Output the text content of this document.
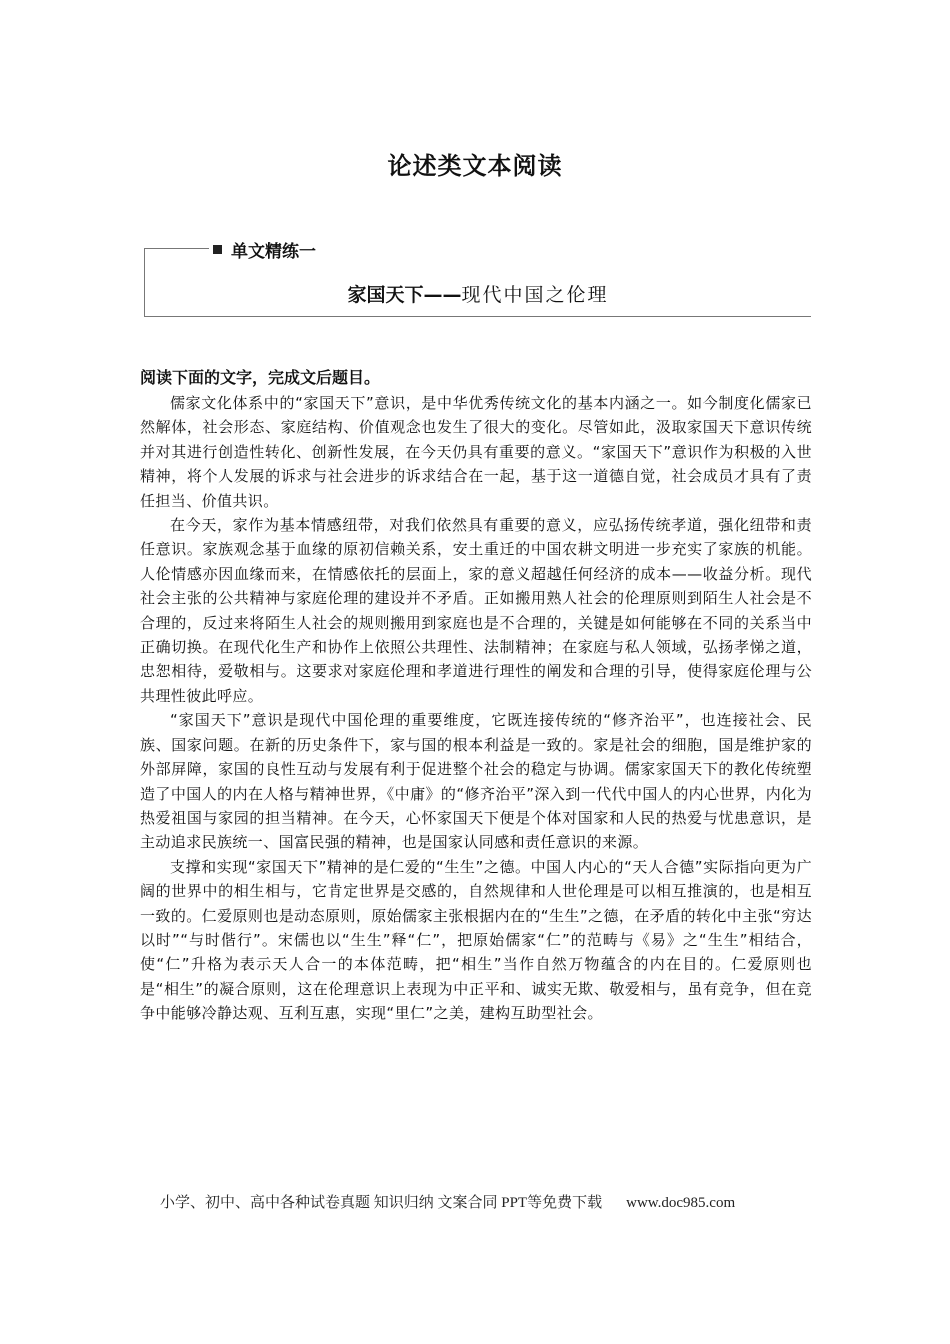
论述类文本阅读
单文精练一
家国天下——现代中国之伦理
阅读下面的文字，完成文后题目。

儒家文化体系中的“家国天下”意识，是中华优秀传统文化的基本内涵之一。如今制度化儒家已然解体，社会形态、家庭结构、价值观念也发生了很大的变化。尽管如此，汲取家国天下意识传统并对其进行创造性转化、创新性发展，在今天仍具有重要的意义。“家国天下”意识作为积极的入世精神，将个人发展的诉求与社会进步的诉求结合在一起，基于这一道德自觉，社会成员才具有了责任担当、价值共识。

在今天，家作为基本情感纽带，对我们依然具有重要的意义，应弘扬传统孝道，强化纽带和责任意识。家族观念基于血缘的原初信赖关系，安土重迁的中国农耕文明进一步充实了家族的机能。人伦情感亦因血缘而来，在情感依托的层面上，家的意义超越任何经济的成本——收益分析。现代社会主张的公共精神与家庭伦理的建设并不矛盾。正如搬用熟人社会的伦理原则到陌生人社会是不合理的，反过来将陌生人社会的规则搬用到家庭也是不合理的，关键是如何能够在不同的关系当中正确切换。在现代化生产和协作上依照公共理性、法制精神；在家庭与私人领域，弘扬孝悌之道，忠恕相待，爱敬相与。这要求对家庭伦理和孝道进行理性的阐发和合理的引导，使得家庭伦理与公共理性彼此呼应。

“家国天下”意识是现代中国伦理的重要维度，它既连接传统的“修齐治平”，也连接社会、民族、国家问题。在新的历史条件下，家与国的根本利益是一致的。家是社会的细胞，国是维护家的外部屏障，家国的良性互动与发展有利于促进整个社会的稳定与协调。儒家家国天下的教化传统塑造了中国人的内在人格与精神世界，《中庸》的“修齐治平”深入到一代代中国人的内心世界，内化为热爱祖国与家园的担当精神。在今天，心怀家国天下便是个体对国家和人民的热爱与忧患意识，是主动追求民族统一、国富民强的精神，也是国家认同感和责任意识的来源。

支撑和实现“家国天下”精神的是仁爱的“生生”之德。中国人内心的“天人合德”实际指向更为广阔的世界中的相生相与，它肯定世界是交感的，自然规律和人世伦理是可以相互推演的，也是相互一致的。仁爱原则也是动态原则，原始儒家主张根据内在的“生生”之德，在矛盾的转化中主张“穷达以时”“与时偕行”。宋儒也以“生生”释“仁”，把原始儒家“仁”的范畴与《易》之“生生”相结合，使“仁”升格为表示天人合一的本体范畴，把“相生”当作自然万物蕴含的内在目的。仁爱原则也是“相生”的凝合原则，这在伦理意识上表现为中正平和、诚实无欺、敬爱相与，虽有竞争，但在竞争中能够冷静达观、互利互惠，实现“里仁”之美，建构互助型社会。

小学、初中、高中各种试卷真题 知识归纳 文案合同 PPT等免费下载 www.doc985.com
